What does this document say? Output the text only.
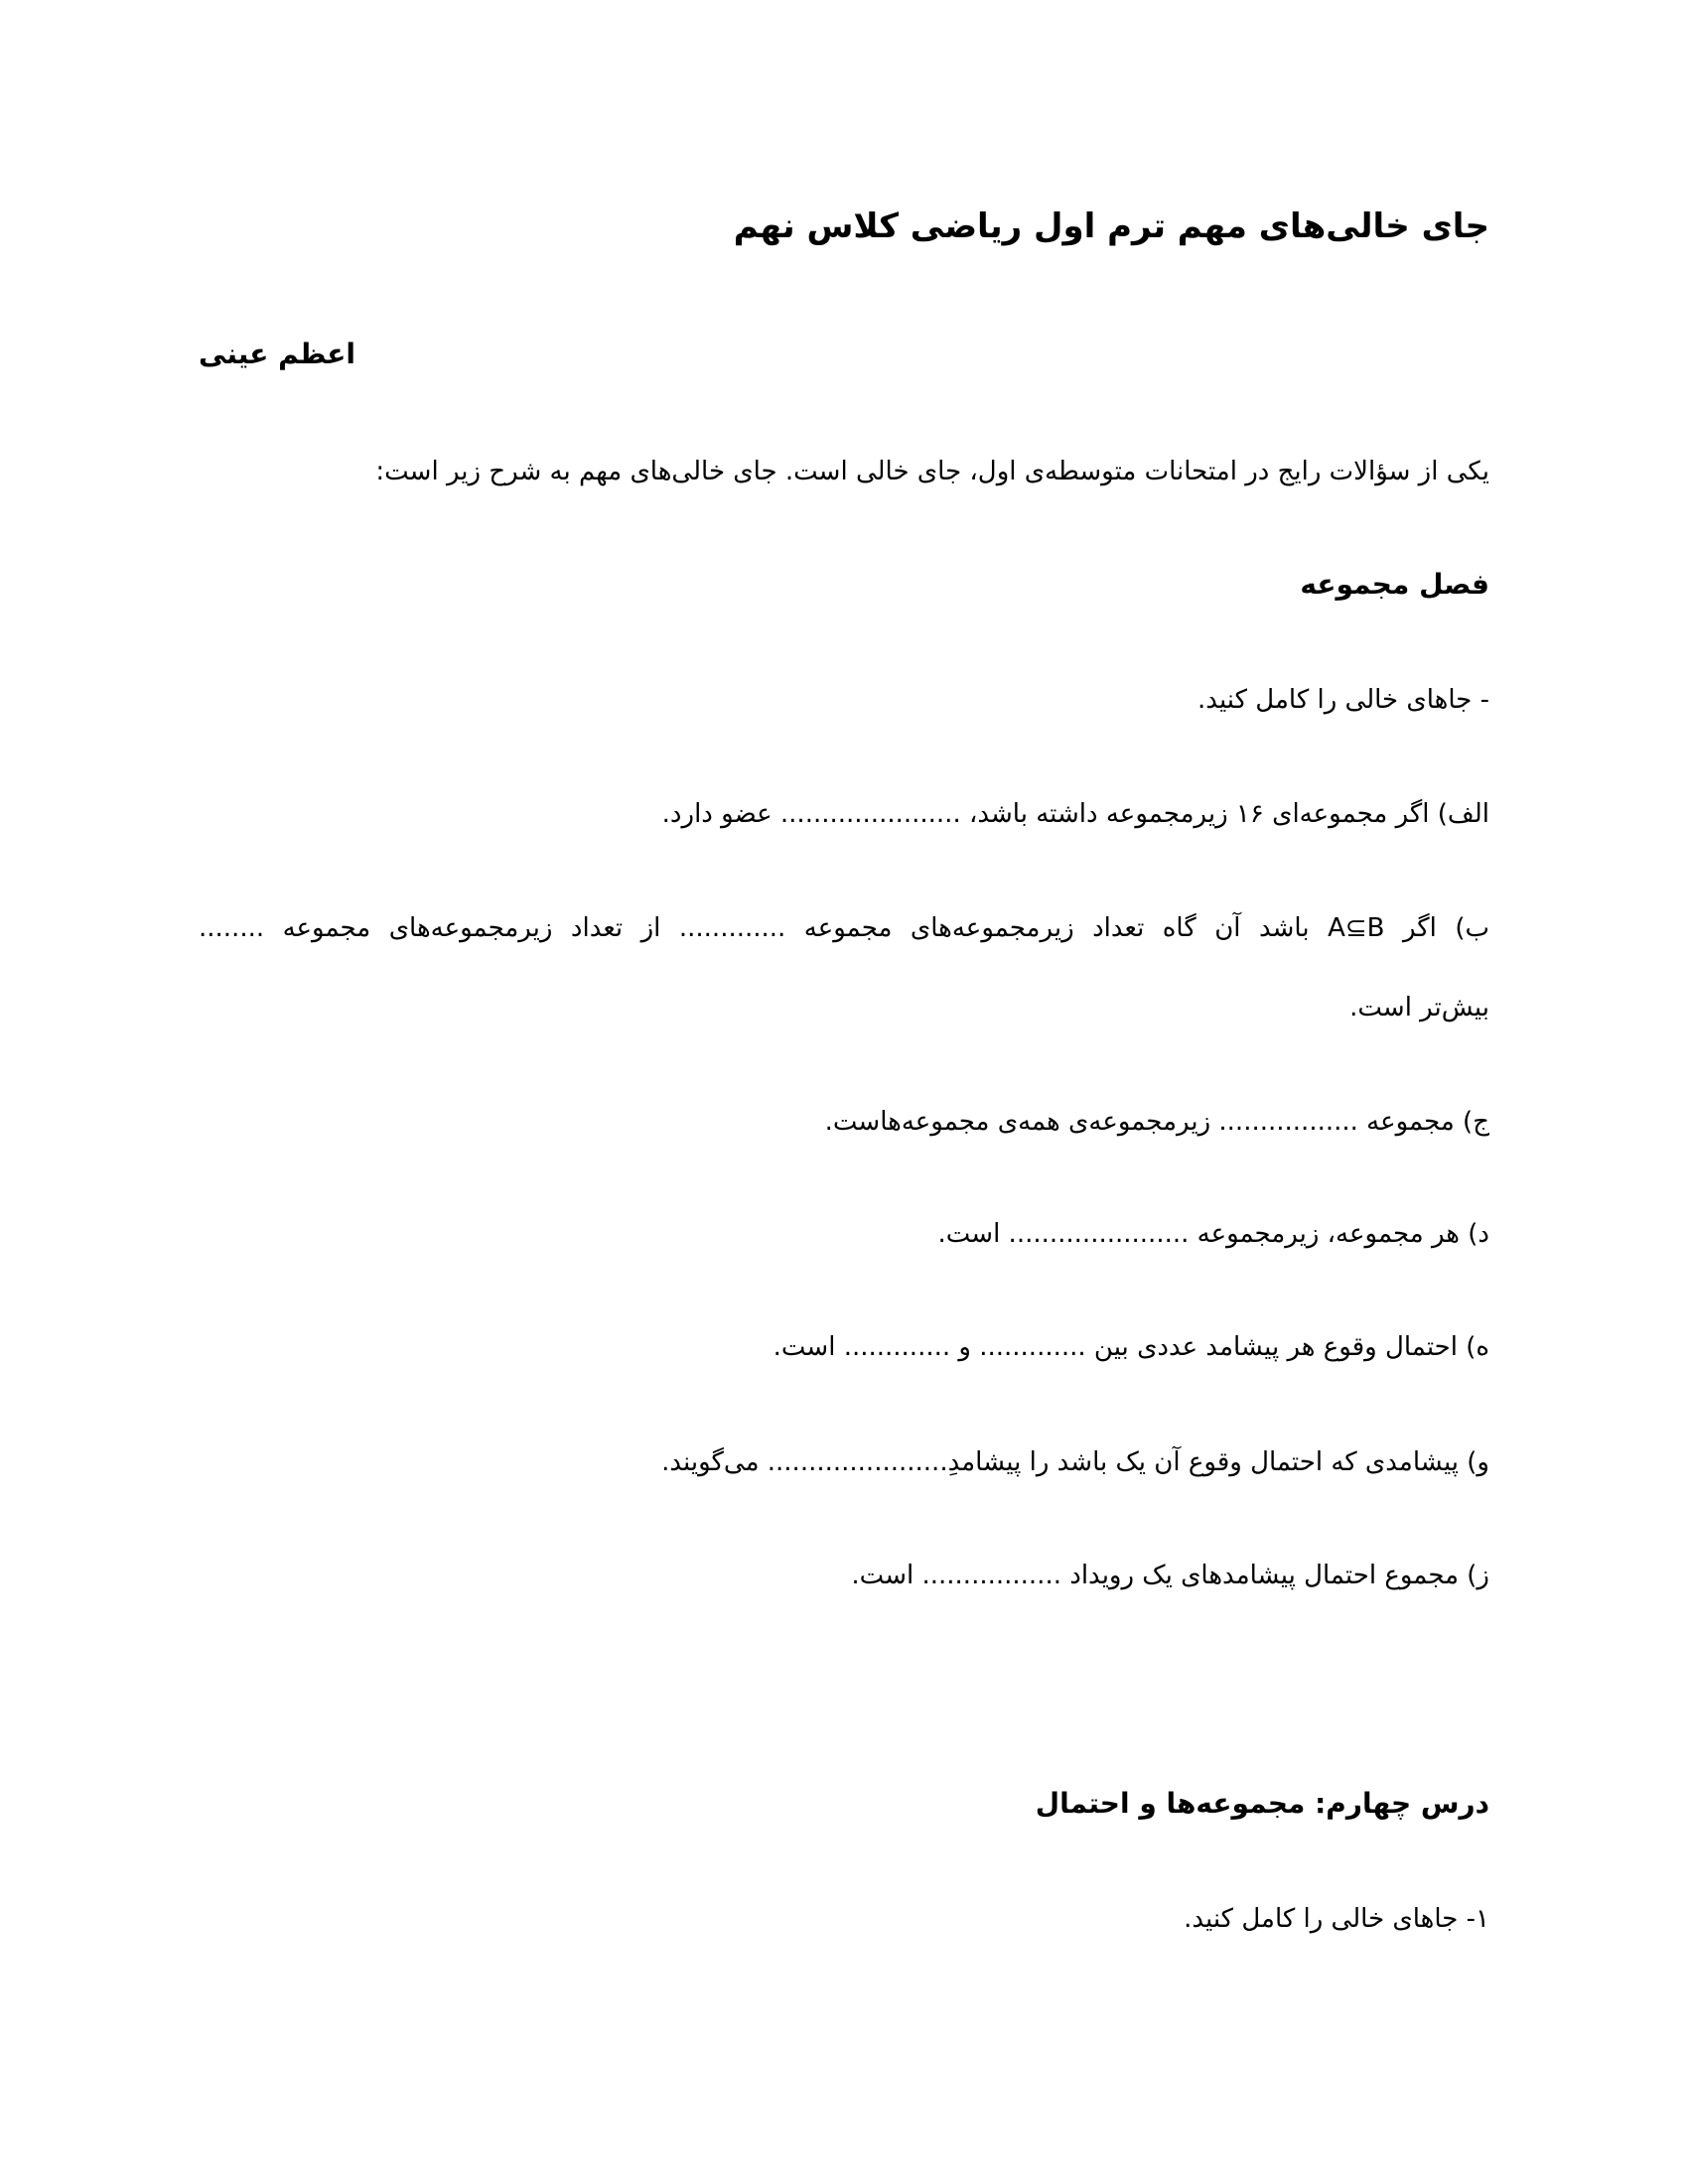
جای خالی‌های مهم ترم اول ریاضی کلاس نهم
اعظم عینی
یکی از سؤالات رایج در امتحانات متوسطه‌ی اول، جای خالی است. جای خالی‌های مهم به شرح زیر است:
فصل مجموعه
- جاهای خالی را کامل کنید.
الف) اگر مجموعه‌ای ۱۶ زیرمجموعه داشته باشد، ...................... عضو دارد.
ب) اگر A⊆B باشد آن گاه تعداد زیرمجموعه‌های مجموعه ............. از تعداد زیرمجموعه‌های مجموعه ........
بیش‌تر است.
ج) مجموعه ................. زیرمجموعه‌ی همه‌ی مجموعه‌هاست.
د) هر مجموعه، زیرمجموعه ...................... است.
ه) احتمال وقوع هر پیشامد عددی بین ............. و ............. است.
و) پیشامدی که احتمال وقوع آن یک باشد را پیشامدِ...................... می‌گویند.
ز) مجموع احتمال پیشامدهای یک رویداد ................. است.
درس چهارم: مجموعه‌ها و احتمال
۱- جاهای خالی را کامل کنید.
